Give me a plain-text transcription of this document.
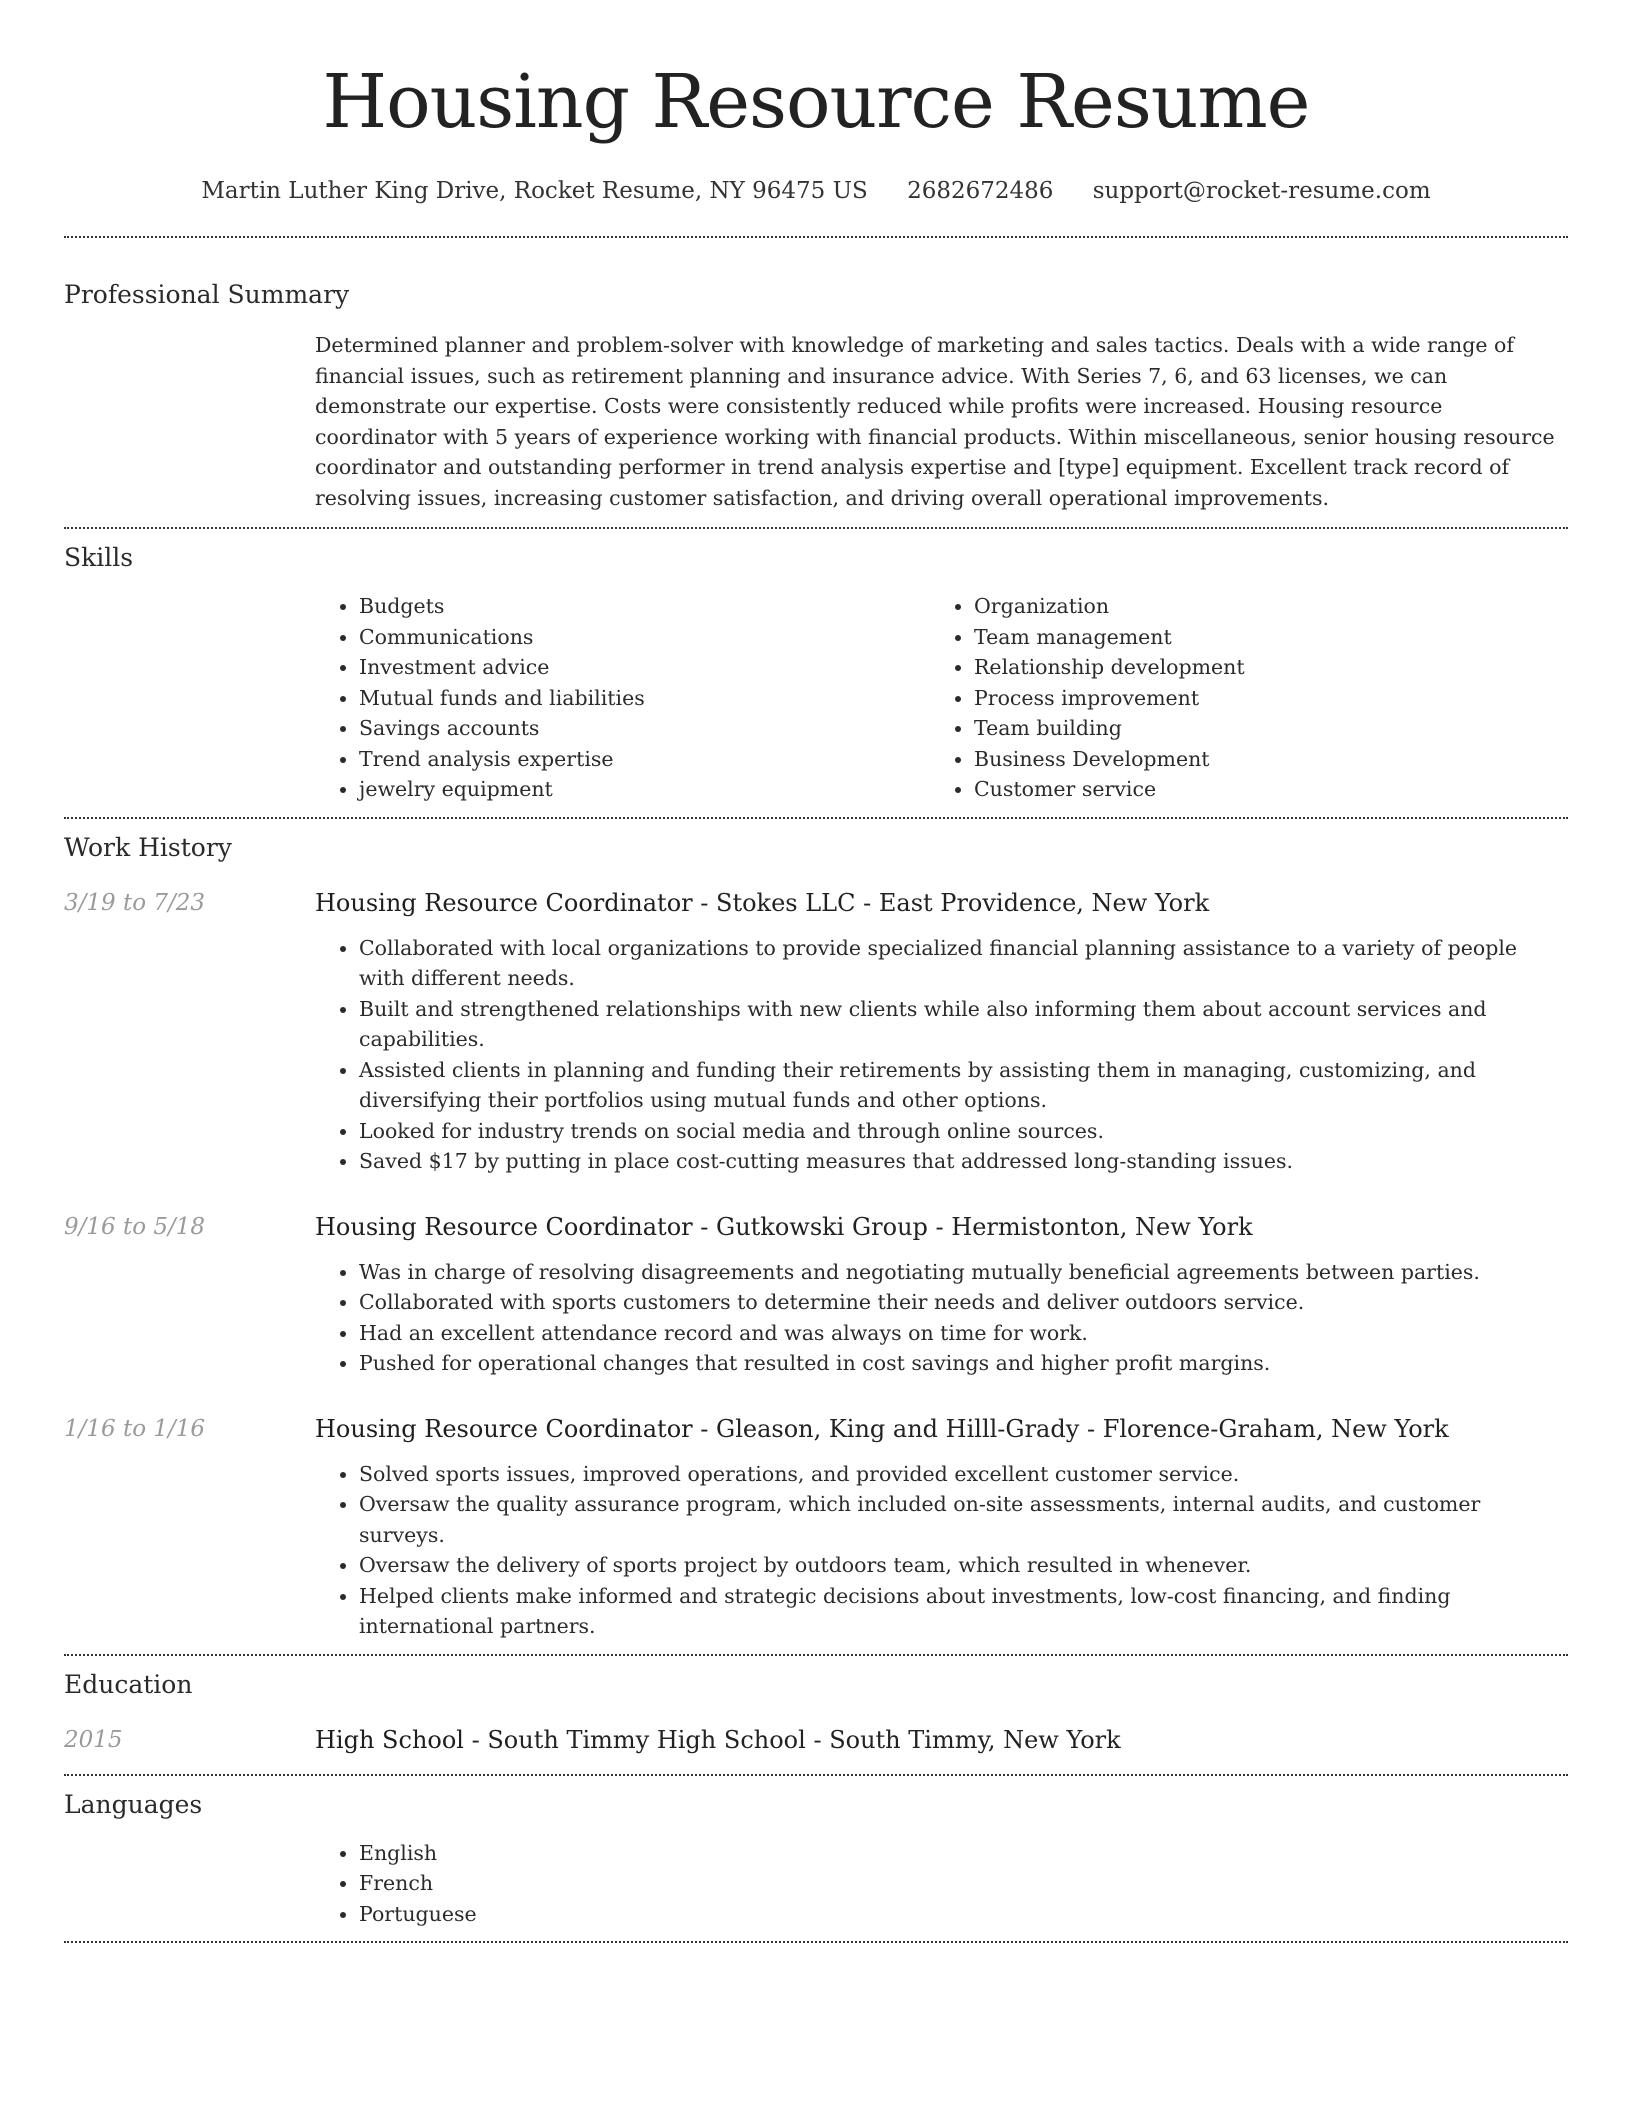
Housing Resource Resume
Martin Luther King Drive, Rocket Resume, NY 96475 US 2682672486 support@rocket-resume.com
Professional Summary
Determined planner and problem-solver with knowledge of marketing and sales tactics. Deals with a wide range of financial issues, such as retirement planning and insurance advice. With Series 7, 6, and 63 licenses, we can demonstrate our expertise. Costs were consistently reduced while profits were increased. Housing resource coordinator with 5 years of experience working with financial products. Within miscellaneous, senior housing resource coordinator and outstanding performer in trend analysis expertise and [type] equipment. Excellent track record of resolving issues, increasing customer satisfaction, and driving overall operational improvements.
Skills
• Budgets
• Communications
• Investment advice
• Mutual funds and liabilities
• Savings accounts
• Trend analysis expertise
• jewelry equipment
• Organization
• Team management
• Relationship development
• Process improvement
• Team building
• Business Development
• Customer service
Work History
3/19 to 7/23	Housing Resource Coordinator - Stokes LLC - East Providence, New York
• Collaborated with local organizations to provide specialized financial planning assistance to a variety of people with different needs.
• Built and strengthened relationships with new clients while also informing them about account services and capabilities.
• Assisted clients in planning and funding their retirements by assisting them in managing, customizing, and diversifying their portfolios using mutual funds and other options.
• Looked for industry trends on social media and through online sources.
• Saved $17 by putting in place cost-cutting measures that addressed long-standing issues.
9/16 to 5/18	Housing Resource Coordinator - Gutkowski Group - Hermistonton, New York
• Was in charge of resolving disagreements and negotiating mutually beneficial agreements between parties.
• Collaborated with sports customers to determine their needs and deliver outdoors service.
• Had an excellent attendance record and was always on time for work.
• Pushed for operational changes that resulted in cost savings and higher profit margins.
1/16 to 1/16	Housing Resource Coordinator - Gleason, King and Hilll-Grady - Florence-Graham, New York
• Solved sports issues, improved operations, and provided excellent customer service.
• Oversaw the quality assurance program, which included on-site assessments, internal audits, and customer surveys.
• Oversaw the delivery of sports project by outdoors team, which resulted in whenever.
• Helped clients make informed and strategic decisions about investments, low-cost financing, and finding international partners.
Education
2015	High School - South Timmy High School - South Timmy, New York
Languages
• English
• French
• Portuguese
